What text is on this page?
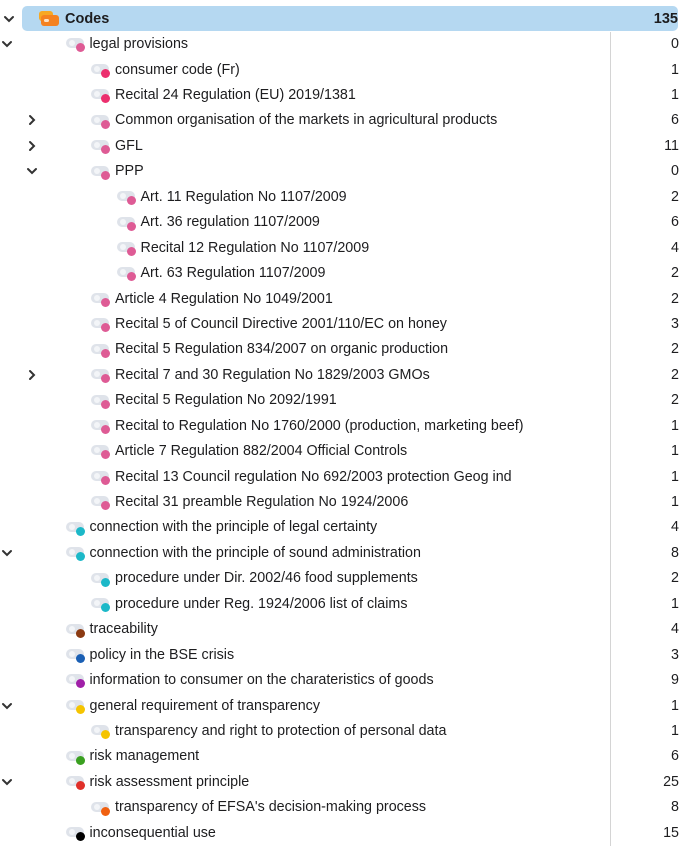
Codes	135
legal provisions	0
consumer code (Fr)	1
Recital 24 Regulation (EU) 2019/1381	1
Common organisation of the markets in agricultural products	6
GFL	11
PPP	0
Art. 11 Regulation No 1107/2009	2
Art. 36 regulation 1107/2009	6
Recital 12 Regulation No 1107/2009	4
Art. 63 Regulation 1107/2009	2
Article 4 Regulation No 1049/2001	2
Recital 5 of Council Directive 2001/110/EC on honey	3
Recital 5 Regulation 834/2007 on organic production	2
Recital 7 and 30 Regulation No 1829/2003 GMOs	2
Recital 5 Regulation No 2092/1991	2
Recital to Regulation No 1760/2000 (production, marketing beef)	1
Article 7 Regulation 882/2004 Official Controls	1
Recital 13 Council regulation No 692/2003 protection Geog ind	1
Recital 31 preamble Regulation No 1924/2006	1
connection with the principle of legal certainty	4
connection with the principle of sound administration	8
procedure under Dir. 2002/46 food supplements	2
procedure under Reg. 1924/2006 list of claims	1
traceability	4
policy in the BSE crisis	3
information to consumer on the charateristics of goods	9
general requirement of transparency	1
transparency and right to protection of personal data	1
risk management	6
risk assessment principle	25
transparency of EFSA's decision-making process	8
inconsequential use	15
